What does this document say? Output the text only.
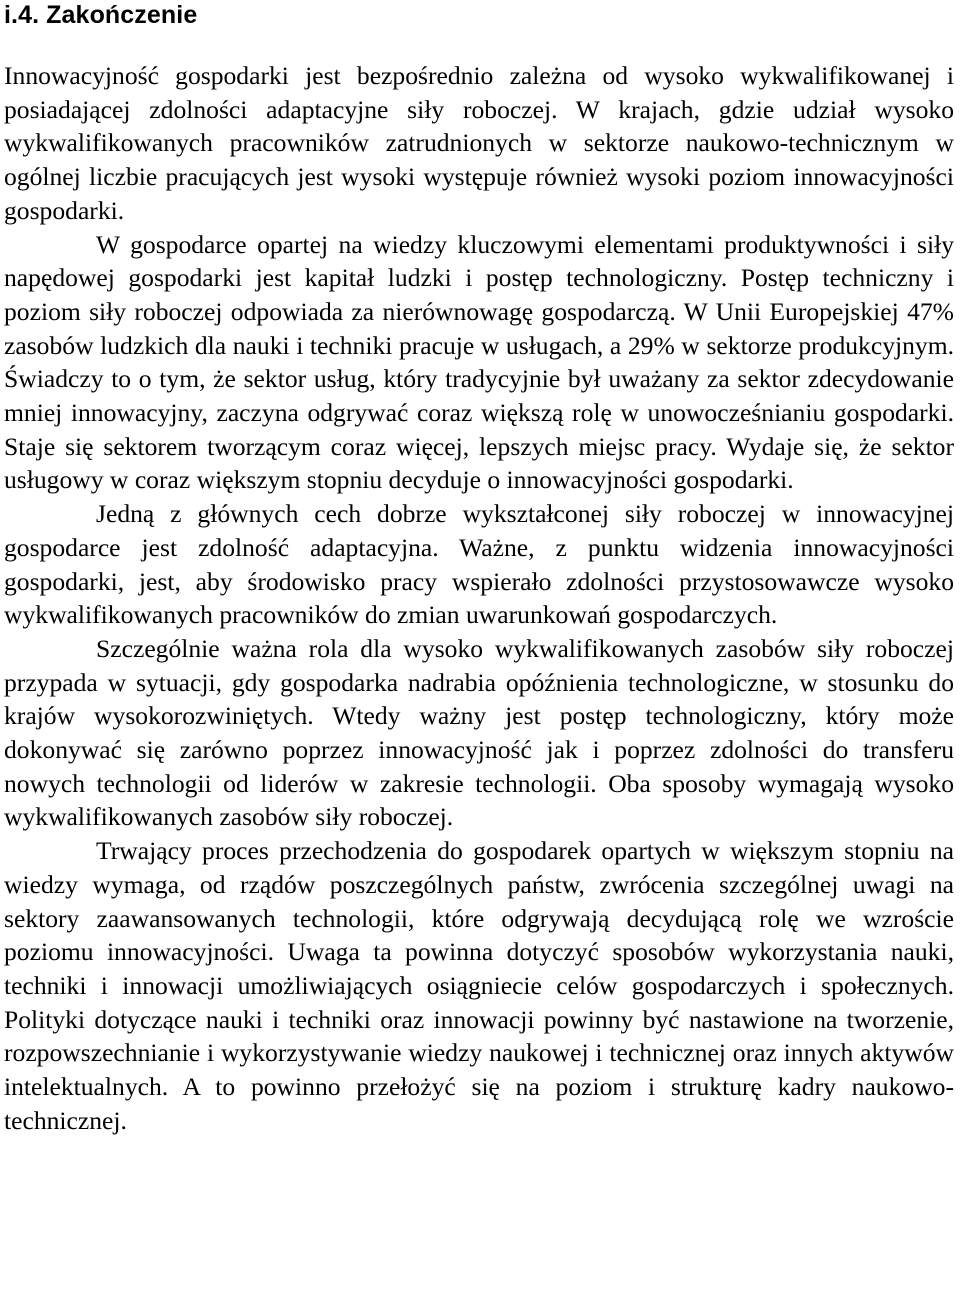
i.4. Zakończenie

Innowacyjność gospodarki jest bezpośrednio zależna od wysoko wykwalifikowanej i posiadającej zdolności adaptacyjne siły roboczej. W krajach, gdzie udział wysoko wykwalifikowanych pracowników zatrudnionych w sektorze naukowo-technicznym w ogólnej liczbie pracujących jest wysoki występuje również wysoki poziom innowacyjności gospodarki.

W gospodarce opartej na wiedzy kluczowymi elementami produktywności i siły napędowej gospodarki jest kapitał ludzki i postęp technologiczny. Postęp techniczny i poziom siły roboczej odpowiada za nierównowagę gospodarczą. W Unii Europejskiej 47% zasobów ludzkich dla nauki i techniki pracuje w usługach, a 29% w sektorze produkcyjnym. Świadczy to o tym, że sektor usług, który tradycyjnie był uważany za sektor zdecydowanie mniej innowacyjny, zaczyna odgrywać coraz większą rolę w unowocześnianiu gospodarki. Staje się sektorem tworzącym coraz więcej, lepszych miejsc pracy. Wydaje się, że sektor usługowy w coraz większym stopniu decyduje o innowacyjności gospodarki.

Jedną z głównych cech dobrze wykształconej siły roboczej w innowacyjnej gospodarce jest zdolność adaptacyjna. Ważne, z punktu widzenia innowacyjności gospodarki, jest, aby środowisko pracy wspierało zdolności przystosowawcze wysoko wykwalifikowanych pracowników do zmian uwarunkowań gospodarczych.

Szczególnie ważna rola dla wysoko wykwalifikowanych zasobów siły roboczej przypada w sytuacji, gdy gospodarka nadrabia opóźnienia technologiczne, w stosunku do krajów wysokorozwiniętych. Wtedy ważny jest postęp technologiczny, który może dokonywać się zarówno poprzez innowacyjność jak i poprzez zdolności do transferu nowych technologii od liderów w zakresie technologii. Oba sposoby wymagają wysoko wykwalifikowanych zasobów siły roboczej.

Trwający proces przechodzenia do gospodarek opartych w większym stopniu na wiedzy wymaga, od rządów poszczególnych państw, zwrócenia szczególnej uwagi na sektory zaawansowanych technologii, które odgrywają decydującą rolę we wzroście poziomu innowacyjności. Uwaga ta powinna dotyczyć sposobów wykorzystania nauki, techniki i innowacji umożliwiających osiągniecie celów gospodarczych i społecznych. Polityki dotyczące nauki i techniki oraz innowacji powinny być nastawione na tworzenie, rozpowszechnianie i wykorzystywanie wiedzy naukowej i technicznej oraz innych aktywów intelektualnych. A to powinno przełożyć się na poziom i strukturę kadry naukowo-technicznej.
